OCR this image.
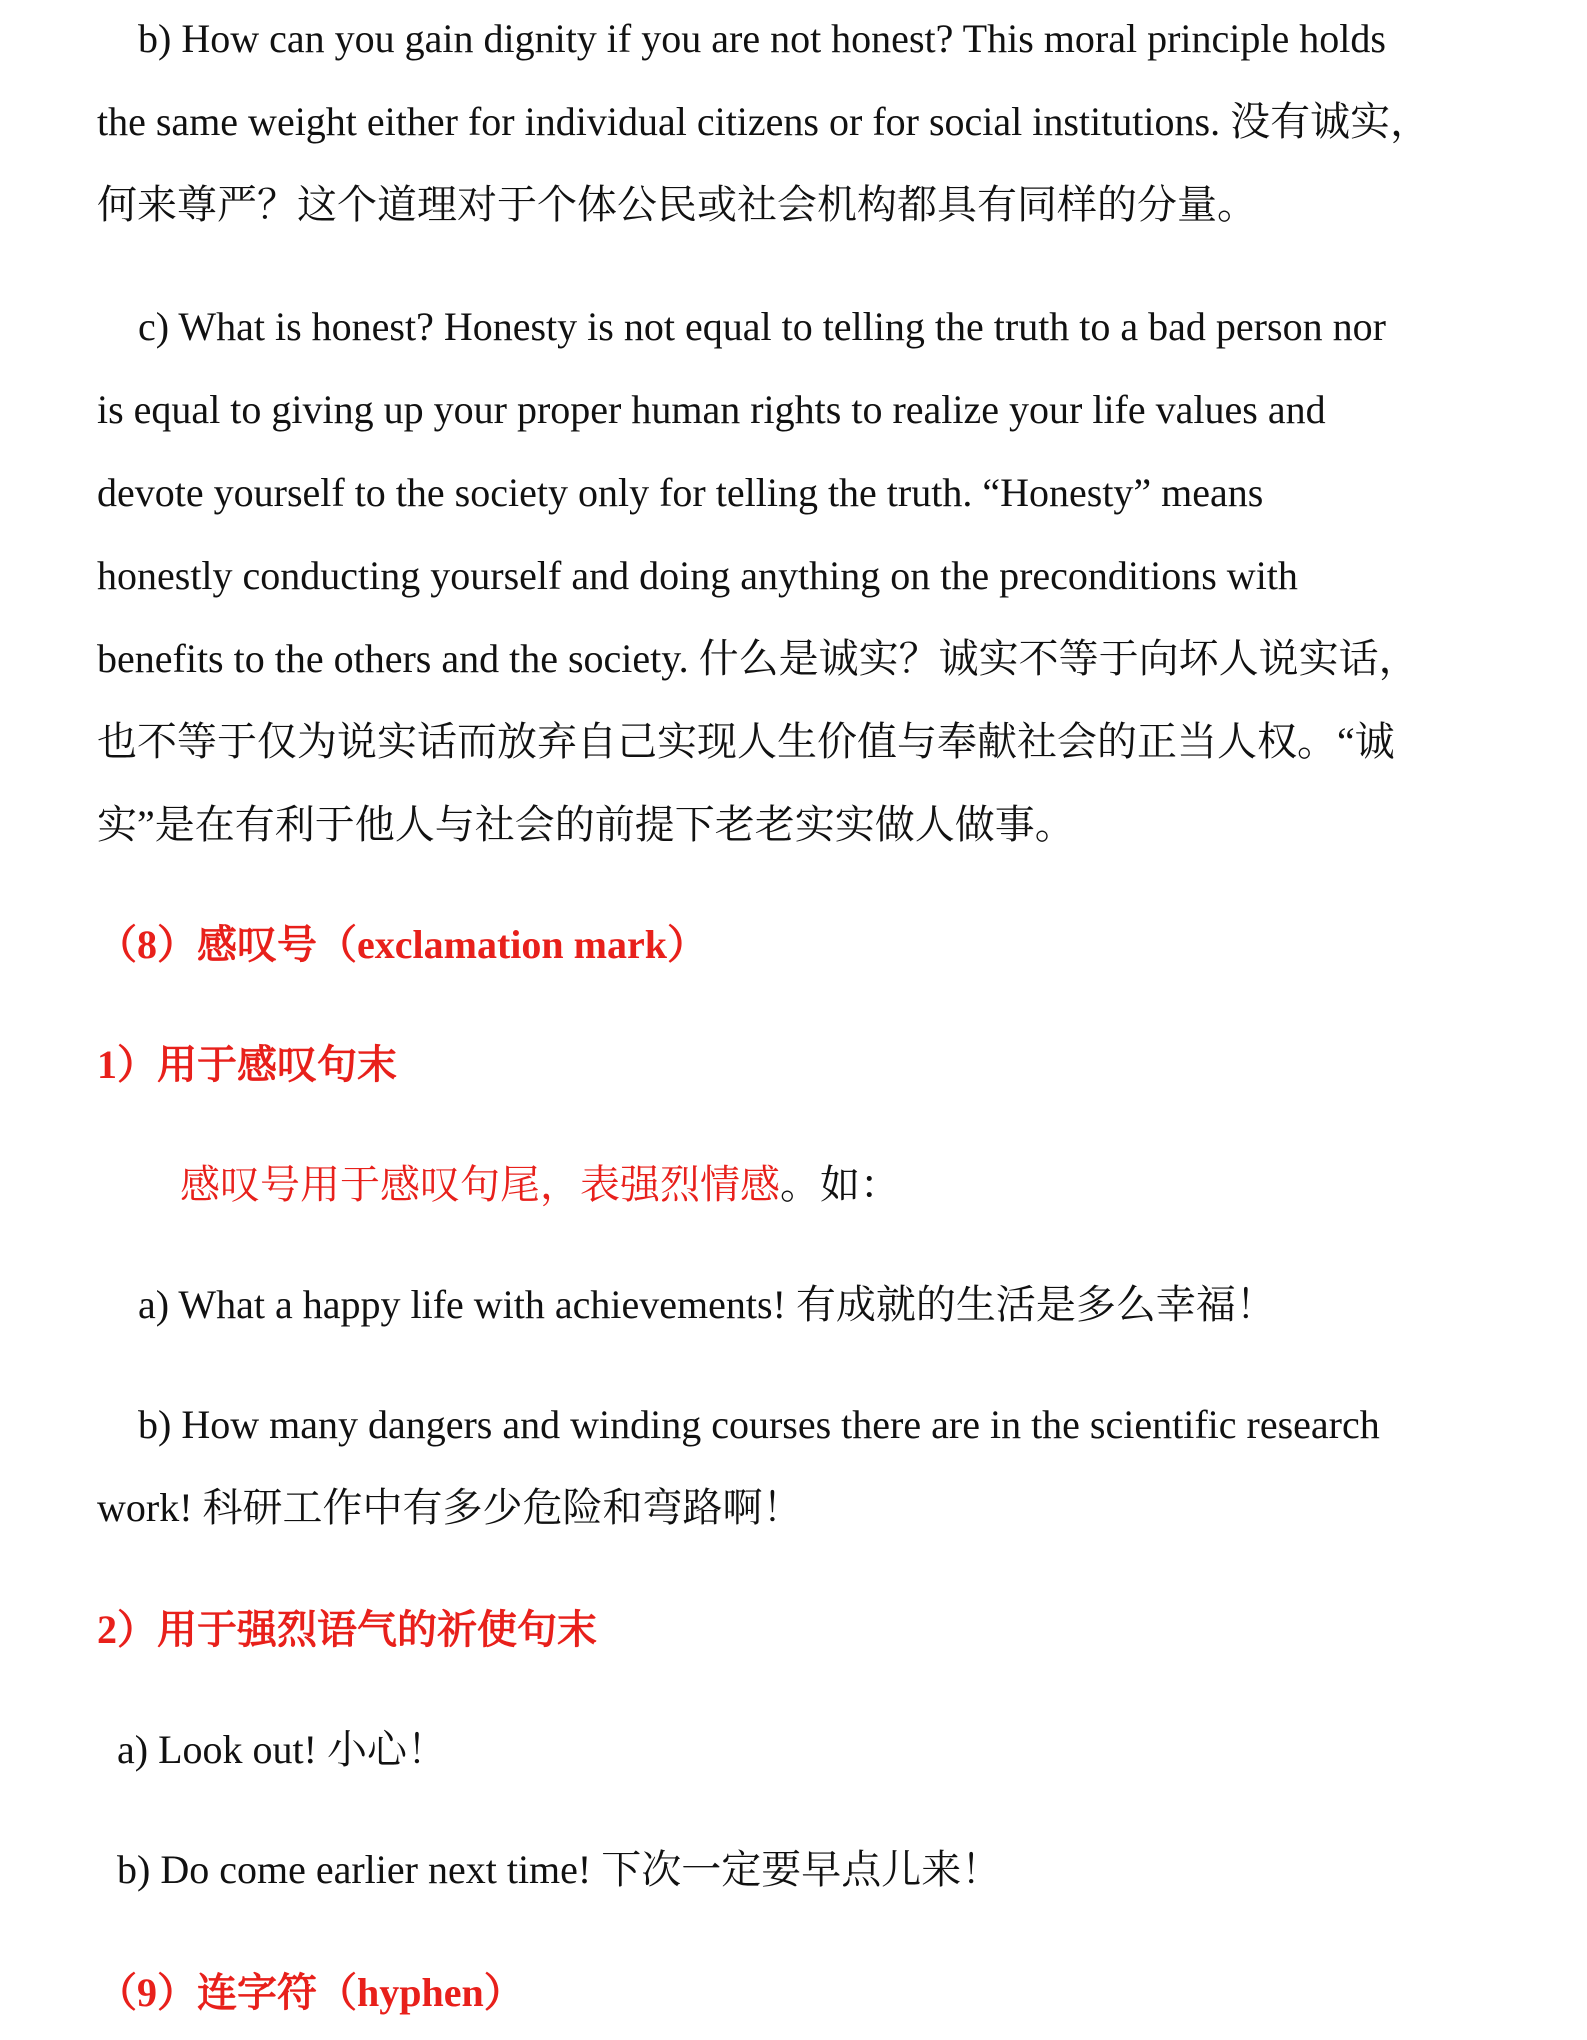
b) How can you gain dignity if you are not honest? This moral principle holds
the same weight either for individual citizens or for social institutions. 没有诚实，
何来尊严？这个道理对于个体公民或社会机构都具有同样的分量。
c) What is honest? Honesty is not equal to telling the truth to a bad person nor
is equal to giving up your proper human rights to realize your life values and
devote yourself to the society only for telling the truth. “Honesty” means
honestly conducting yourself and doing anything on the preconditions with
benefits to the others and the society. 什么是诚实？诚实不等于向坏人说实话，
也不等于仅为说实话而放弃自己实现人生价值与奉献社会的正当人权。“诚
实”是在有利于他人与社会的前提下老老实实做人做事。
（8）感叹号（exclamation mark）
1）用于感叹句末
感叹号用于感叹句尾，表强烈情感。如：
a) What a happy life with achievements! 有成就的生活是多么幸福！
b) How many dangers and winding courses there are in the scientific research
work! 科研工作中有多少危险和弯路啊！
2）用于强烈语气的祈使句末
a) Look out! 小心！
b) Do come earlier next time! 下次一定要早点儿来！
（9）连字符（hyphen）
